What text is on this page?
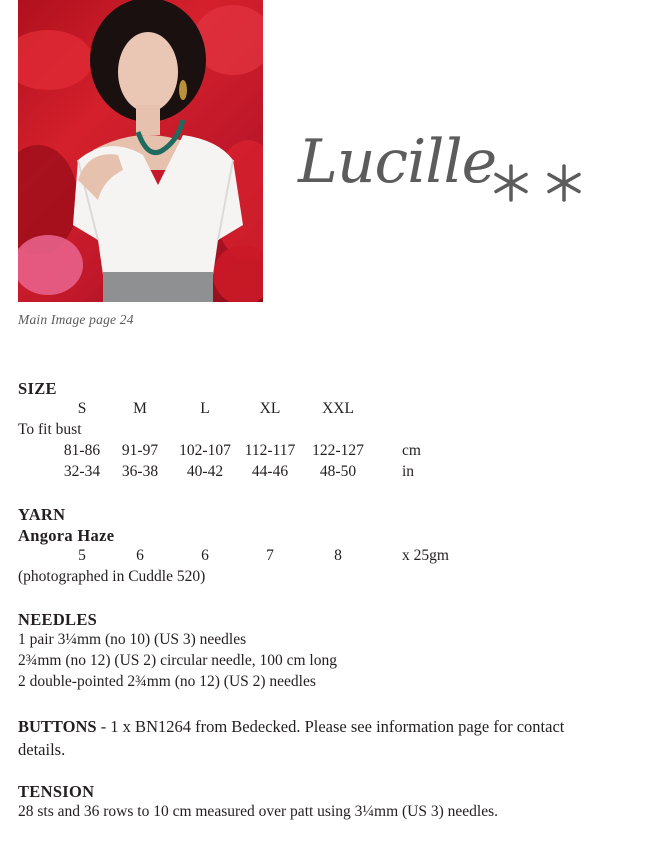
Main Image page 24
Lucille
SIZE
S	M	L	XL	XXL
To fit bust
81-86	91-97	102-107 112-117	122-127	cm
32-34	36-38	40-42	44-46	48-50	in
YARN
Angora Haze
5	6	6	7	8	x 25gm
(photographed in Cuddle 520)
NEEDLES
1 pair 3¼mm (no 10) (US 3) needles
2¾mm (no 12) (US 2) circular needle, 100 cm long
2 double-pointed 2¾mm (no 12) (US 2) needles
BUTTONS - 1 x BN1264 from Bedecked. Please see information page for contact details.
TENSION
28 sts and 36 rows to 10 cm measured over patt using 3¼mm (US 3) needles.
